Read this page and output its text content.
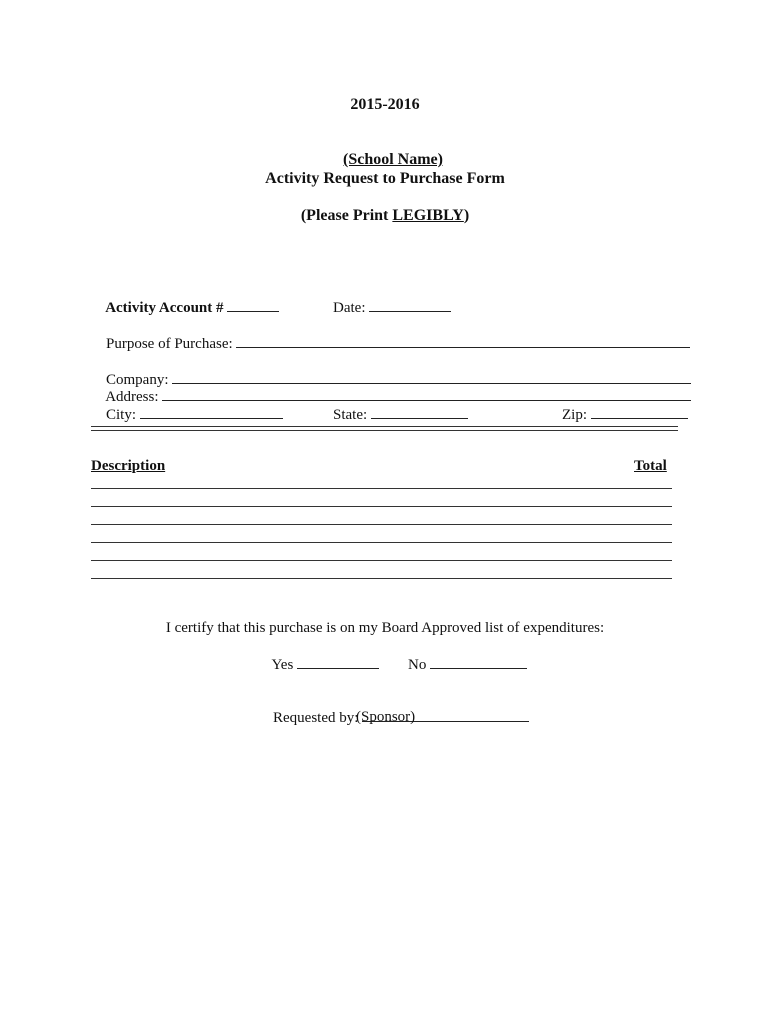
2015-2016

(School Name)

Activity Request to Purchase Form
(Please Print LEGIBLY)

Activity Account #
	Date:

Purpose of Purchase:

Company:

Address:

City:
	State:
	Zip:

Description	Total
I certify that this purchase is on my Board Approved list of expenditures:

Yes
	No

Requested by:

(Sponsor)
